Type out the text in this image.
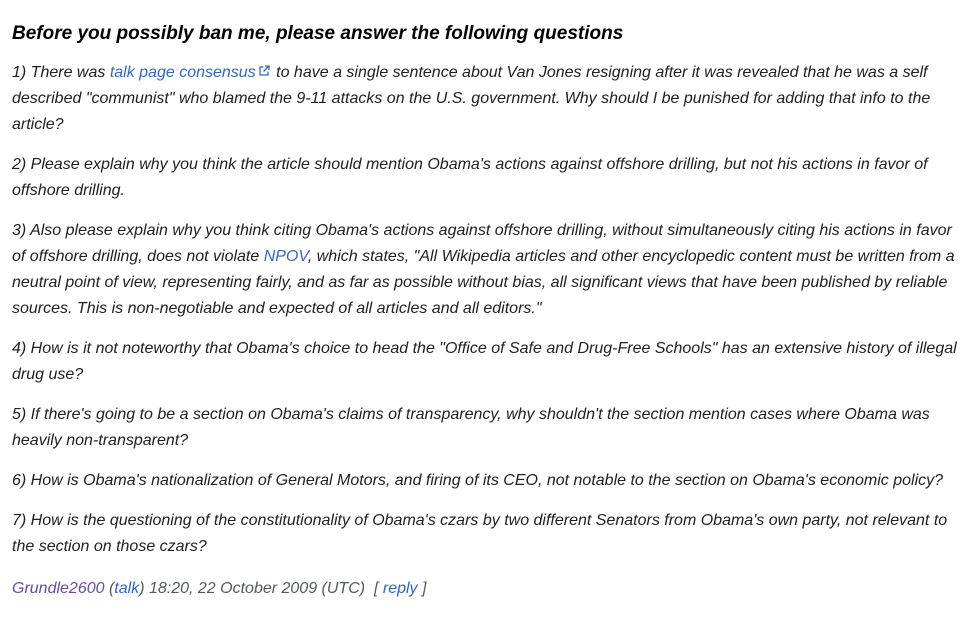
Before you possibly ban me, please answer the following questions

1) There was talk page consensus to have a single sentence about Van Jones resigning after it was revealed that he was a self described "communist" who blamed the 9-11 attacks on the U.S. government. Why should I be punished for adding that info to the article?

2) Please explain why you think the article should mention Obama's actions against offshore drilling, but not his actions in favor of offshore drilling.

3) Also please explain why you think citing Obama's actions against offshore drilling, without simultaneously citing his actions in favor of offshore drilling, does not violate NPOV, which states, "All Wikipedia articles and other encyclopedic content must be written from a neutral point of view, representing fairly, and as far as possible without bias, all significant views that have been published by reliable sources. This is non-negotiable and expected of all articles and all editors."

4) How is it not noteworthy that Obama's choice to head the "Office of Safe and Drug-Free Schools" has an extensive history of illegal drug use?

5) If there's going to be a section on Obama's claims of transparency, why shouldn't the section mention cases where Obama was heavily non-transparent?

6) How is Obama's nationalization of General Motors, and firing of its CEO, not notable to the section on Obama's economic policy?

7) How is the questioning of the constitutionality of Obama's czars by two different Senators from Obama's own party, not relevant to the section on those czars?

Grundle2600 (talk) 18:20, 22 October 2009 (UTC) [ reply ]
